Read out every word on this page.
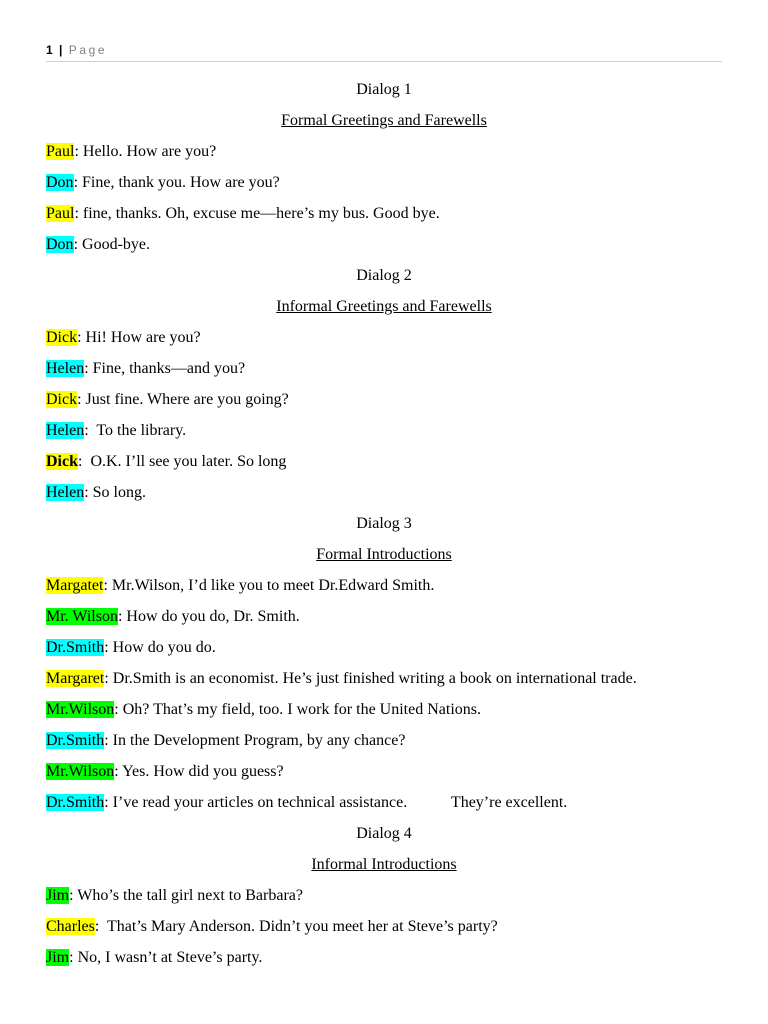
1 | Page
Dialog 1
Formal Greetings and Farewells
Paul: Hello. How are you?
Don: Fine, thank you. How are you?
Paul: fine, thanks. Oh, excuse me—here’s my bus. Good bye.
Don: Good-bye.
Dialog 2
Informal Greetings and Farewells
Dick: Hi! How are you?
Helen: Fine, thanks—and you?
Dick: Just fine. Where are you going?
Helen:  To the library.
Dick:  O.K. I’ll see you later. So long
Helen: So long.
Dialog 3
Formal Introductions
Margatet: Mr.Wilson, I’d like you to meet Dr.Edward Smith.
Mr. Wilson: How do you do, Dr. Smith.
Dr.Smith: How do you do.
Margaret: Dr.Smith is an economist. He’s just finished writing a book on international trade.
Mr.Wilson: Oh? That’s my field, too. I work for the United Nations.
Dr.Smith: In the Development Program, by any chance?
Mr.Wilson: Yes. How did you guess?
Dr.Smith: I’ve read your articles on technical assistance.           They’re excellent.
Dialog 4
Informal Introductions
Jim: Who’s the tall girl next to Barbara?
Charles:  That’s Mary Anderson. Didn’t you meet her at Steve’s party?
Jim: No, I wasn’t at Steve’s party.
